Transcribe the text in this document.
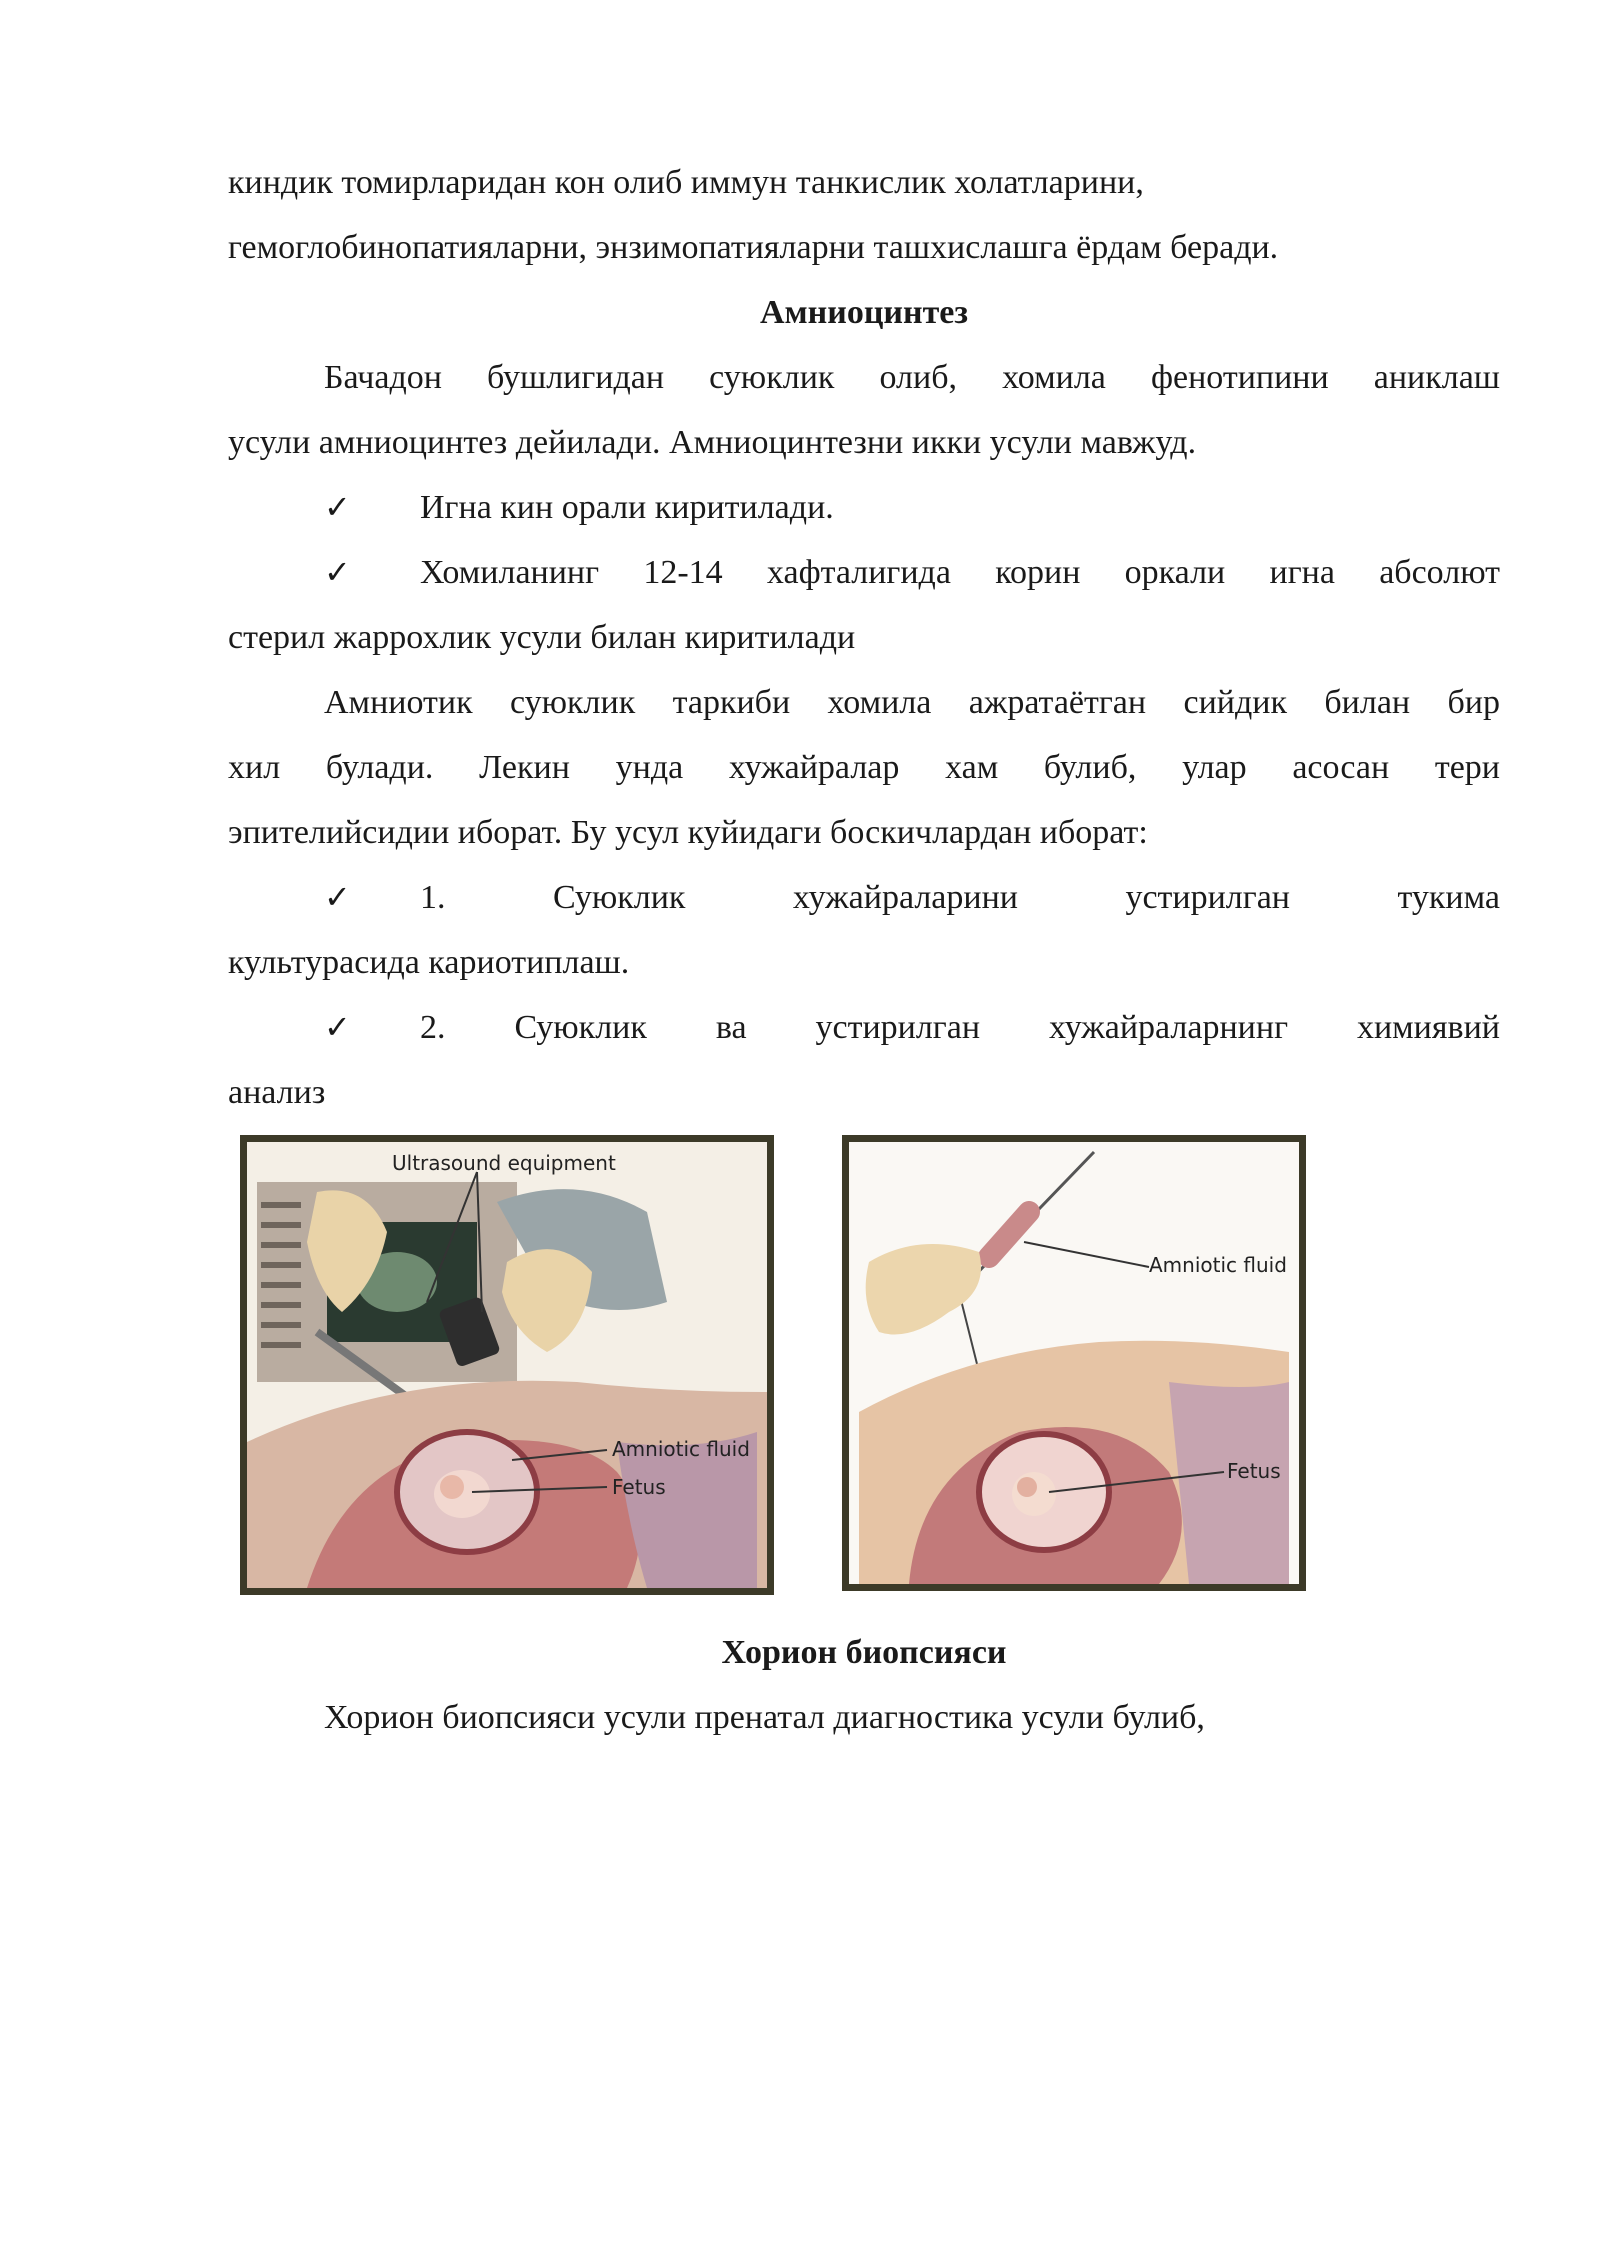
киндик томирларидан кон олиб иммун танкислик холатларини,
гемоглобинопатияларни, энзимопатияларни ташхислашга ёрдам беради.
Амниоцинтез
Бачадон бушлигидан суюклик олиб, хомила фенотипини аниклаш
усули амниоцинтез дейилади. Амниоцинтезни икки усули мавжуд.
✓	Игна кин орали киритилади.
✓	Хомиланинг 12-14 хафталигида корин оркали игна абсолют
стерил жаррохлик усули билан киритилади
Амниотик суюклик таркиби хомила ажратаётган сийдик билан бир
хил булади. Лекин унда хужайралар хам булиб, улар асосан тери
эпителийсидии иборат. Бу усул куйидаги боскичлардан иборат:
✓	1.	Суюклик	хужайраларини	устирилган	тукима
культурасида кариотиплаш.
✓	2. Суюклик ва устирилган хужайраларнинг химиявий
анализ
Ultrasound equipment
Amniotic fluid
Fetus
Amniotic fluid
Fetus
Хорион биопсияси
Хорион биопсияси усули пренатал диагностика усули булиб,
